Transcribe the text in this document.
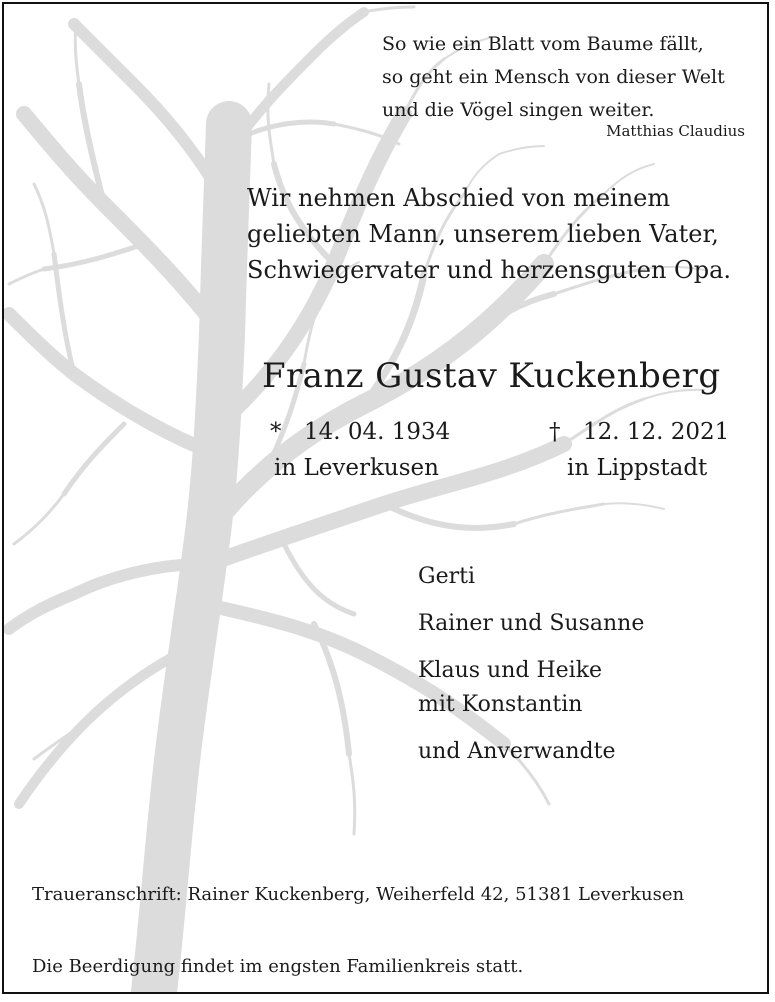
So wie ein Blatt vom Baume fällt,
so geht ein Mensch von dieser Welt
und die Vögel singen weiter.
Matthias Claudius
Wir nehmen Abschied von meinem
geliebten Mann, unserem lieben Vater,
Schwiegervater und herzensguten Opa.
Franz Gustav Kuckenberg
* 14. 04. 1934
in Leverkusen
† 12. 12. 2021
in Lippstadt
Gerti
Rainer und Susanne
Klaus und Heike
mit Konstantin
und Anverwandte
Traueranschrift: Rainer Kuckenberg, Weiherfeld 42, 51381 Leverkusen
Die Beerdigung findet im engsten Familienkreis statt.
